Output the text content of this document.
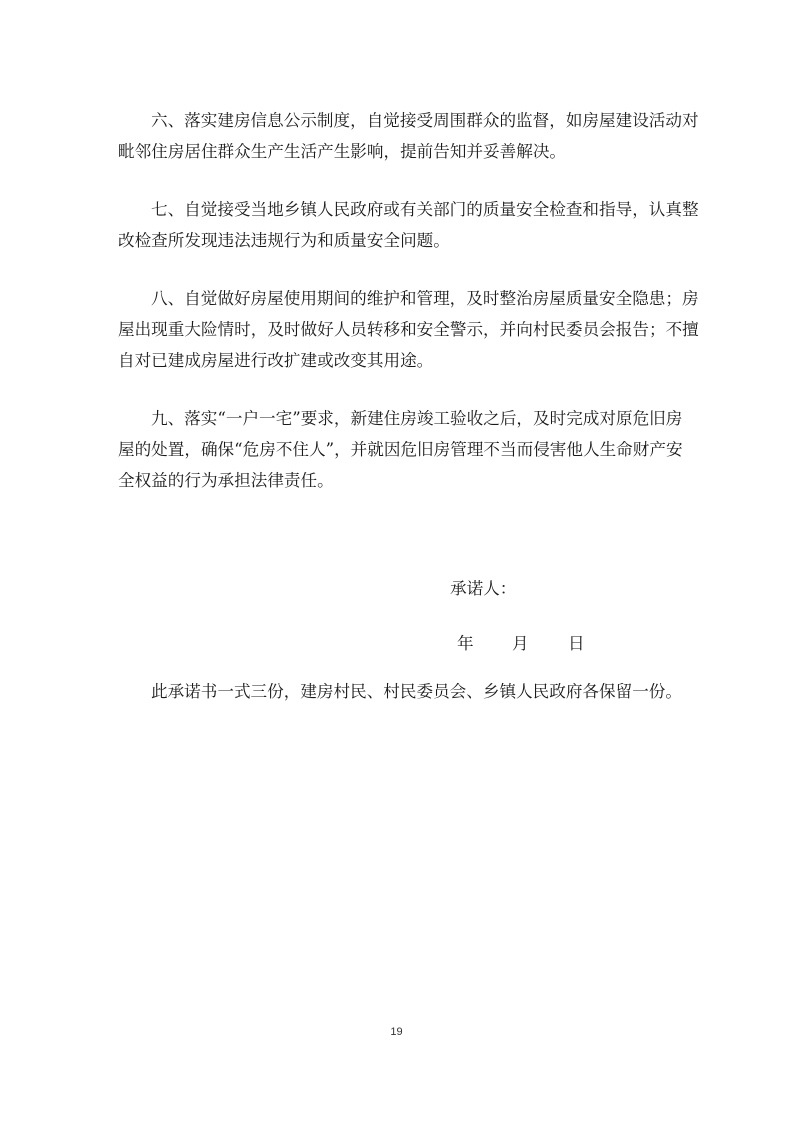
六、落实建房信息公示制度，自觉接受周围群众的监督，如房屋建设活动对
毗邻住房居住群众生产生活产生影响，提前告知并妥善解决。

七、自觉接受当地乡镇人民政府或有关部门的质量安全检查和指导，认真整
改检查所发现违法违规行为和质量安全问题。

八、自觉做好房屋使用期间的维护和管理，及时整治房屋质量安全隐患；房
屋出现重大险情时，及时做好人员转移和安全警示，并向村民委员会报告；不擅
自对已建成房屋进行改扩建或改变其用途。

九、落实“一户一宅”要求，新建住房竣工验收之后，及时完成对原危旧房
屋的处置，确保“危房不住人”，并就因危旧房管理不当而侵害他人生命财产安
全权益的行为承担法律责任。

承诺人：
年 月 日
此承诺书一式三份，建房村民、村民委员会、乡镇人民政府各保留一份。
19
